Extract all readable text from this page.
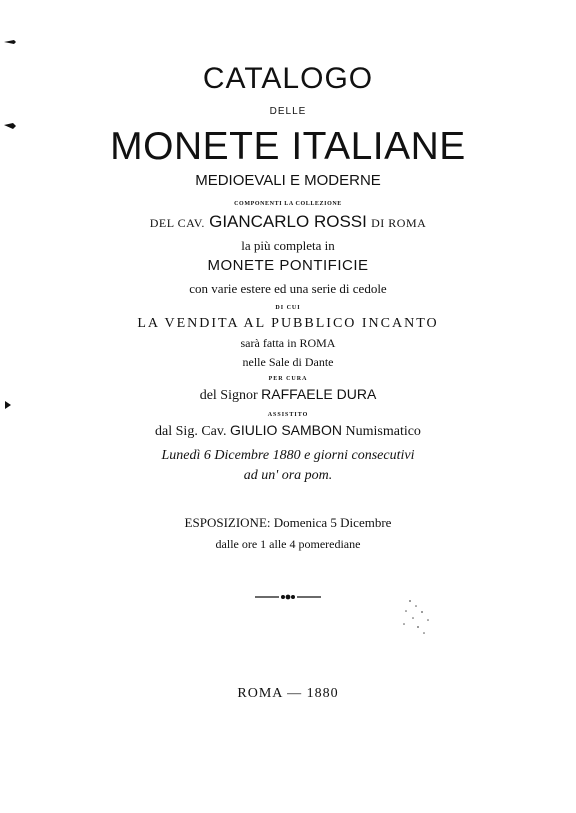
CATALOGO
DELLE
MONETE ITALIANE
MEDIOEVALI E MODERNE
COMPONENTI LA COLLEZIONE
DEL CAV. GIANCARLO ROSSI DI ROMA
la più completa in
MONETE PONTIFICIE
con varie estere ed una serie di cedole
DI CUI
LA VENDITA AL PUBBLICO INCANTO
sarà fatta in ROMA
nelle Sale di Dante
PER CURA
del Signor RAFFAELE DURA
ASSISTITO
dal Sig. Cav. GIULIO SAMBON Numismatico
Lunedì 6 Dicembre 1880 e giorni consecutivi
ad un' ora pom.
ESPOSIZIONE: Domenica 5 Dicembre
dalle ore 1 alle 4 pomerediane
ROMA — 1880
